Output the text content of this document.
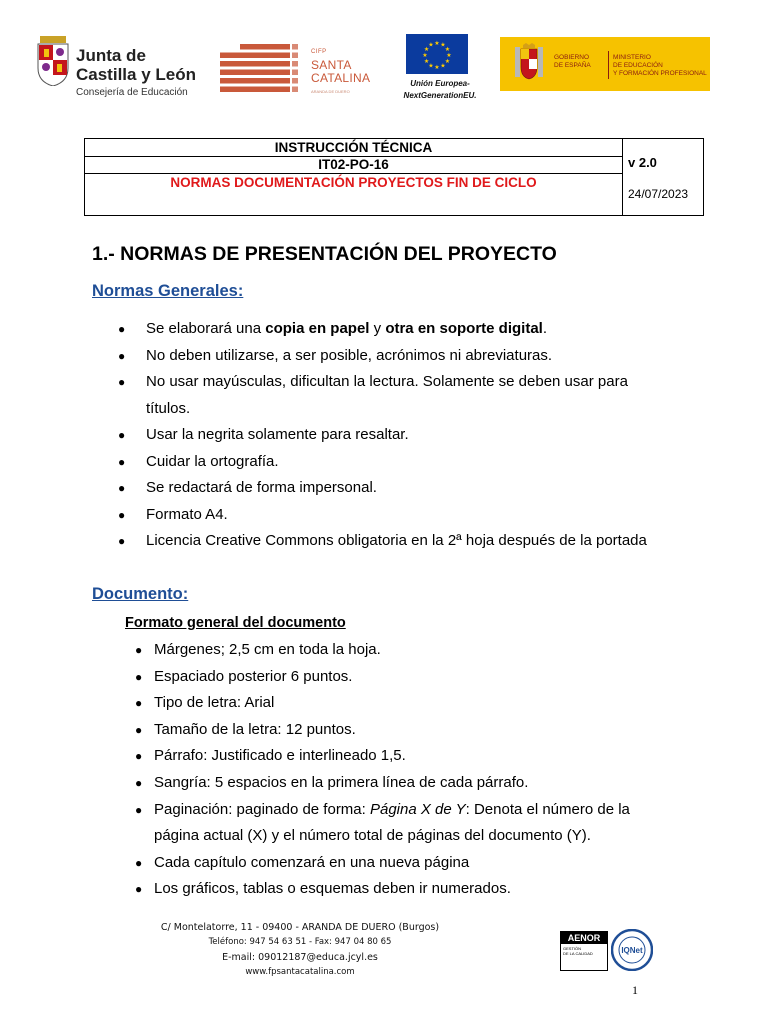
Junta de
Castilla y León
Consejería de Educación
CIFP
SANTA
CATALINA
ARANDA DE DUERO
★
★
★
★
★
★
★
★
★ ★ ★
★
Unión Europea-
NextGenerationEU.
GOBIERNO
DE ESPAÑA
MINISTERIO
DE EDUCACIÓN
Y FORMACIÓN PROFESIONAL
INSTRUCCIÓN TÉCNICA
IT02-PO-16
NORMAS DOCUMENTACIÓN PROYECTOS FIN DE CICLO
v 2.0
24/07/2023
1.- NORMAS DE PRESENTACIÓN DEL PROYECTO
Normas Generales:
● Se elaborará una copia en papel y otra en soporte digital.
● No deben utilizarse, a ser posible, acrónimos ni abreviaturas.
● No usar mayúsculas, dificultan la lectura. Solamente se deben usar para
títulos.
● Usar la negrita solamente para resaltar.
● Cuidar la ortografía.
● Se redactará de forma impersonal.
● Formato A4.
● Licencia Creative Commons obligatoria en la 2ª hoja después de la portada
Documento:
Formato general del documento
● Márgenes; 2,5 cm en toda la hoja.
● Espaciado posterior 6 puntos.
● Tipo de letra: Arial
● Tamaño de la letra: 12 puntos.
● Párrafo: Justificado e interlineado 1,5.
● Sangría: 5 espacios en la primera línea de cada párrafo.
● Paginación: paginado de forma: Página X de Y: Denota el número de la
página actual (X) y el número total de páginas del documento (Y).
● Cada capítulo comenzará en una nueva página
● Los gráficos, tablas o esquemas deben ir numerados.
C/ Montelatorre, 11 - 09400 - ARANDA DE DUERO (Burgos)
Teléfono: 947 54 63 51 - Fax: 947 04 80 65
E-mail: 09012187@educa.jcyl.es
www.fpsantacatalina.com
AENOR
GESTIÓN
DE LA CALIDAD	IQNet
1
